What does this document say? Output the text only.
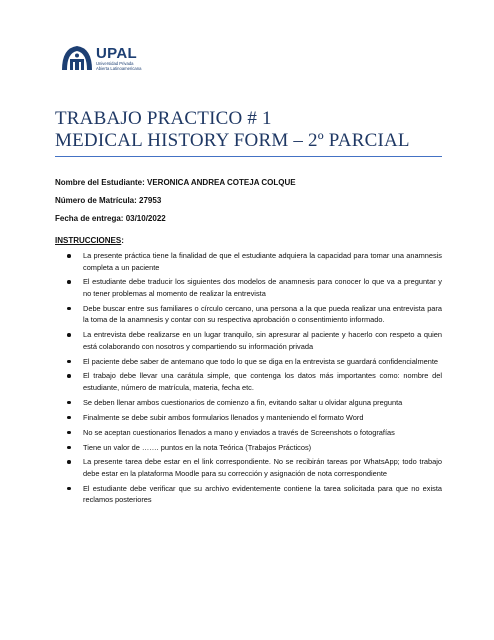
UPAL
Universidad Privada
Abierta Latinoamericana
TRABAJO PRACTICO # 1
MEDICAL HISTORY FORM – 2º PARCIAL
Nombre del Estudiante: VERONICA ANDREA COTEJA COLQUE
Número de Matrícula: 27953
Fecha de entrega: 03/10/2022
INSTRUCCIONES:
La presente práctica tiene la finalidad de que el estudiante adquiera la capacidad para tomar una anamnesis completa a un paciente
El estudiante debe traducir los siguientes dos modelos de anamnesis para conocer lo que va a preguntar y no tener problemas al momento de realizar la entrevista
Debe buscar entre sus familiares o círculo cercano, una persona a la que pueda realizar una entrevista para la toma de la anamnesis y contar con su respectiva aprobación o consentimiento informado.
La entrevista debe realizarse en un lugar tranquilo, sin apresurar al paciente y hacerlo con respeto a quien está colaborando con nosotros y compartiendo su información privada
El paciente debe saber de antemano que todo lo que se diga en la entrevista se guardará confidencialmente
El trabajo debe llevar una carátula simple, que contenga los datos más importantes como: nombre del estudiante, número de matrícula, materia, fecha etc.
Se deben llenar ambos cuestionarios de comienzo a fin, evitando saltar u olvidar alguna pregunta
Finalmente se debe subir ambos formularios llenados y manteniendo el formato Word
No se aceptan cuestionarios llenados a mano y enviados a través de Screenshots o fotografías
Tiene un valor de ……. puntos en la nota Teórica (Trabajos Prácticos)
La presente tarea debe estar en el link correspondiente. No se recibirán tareas por WhatsApp; todo trabajo debe estar en la plataforma Moodle para su corrección y asignación de nota correspondiente
El estudiante debe verificar que su archivo evidentemente contiene la tarea solicitada para que no exista reclamos posteriores
